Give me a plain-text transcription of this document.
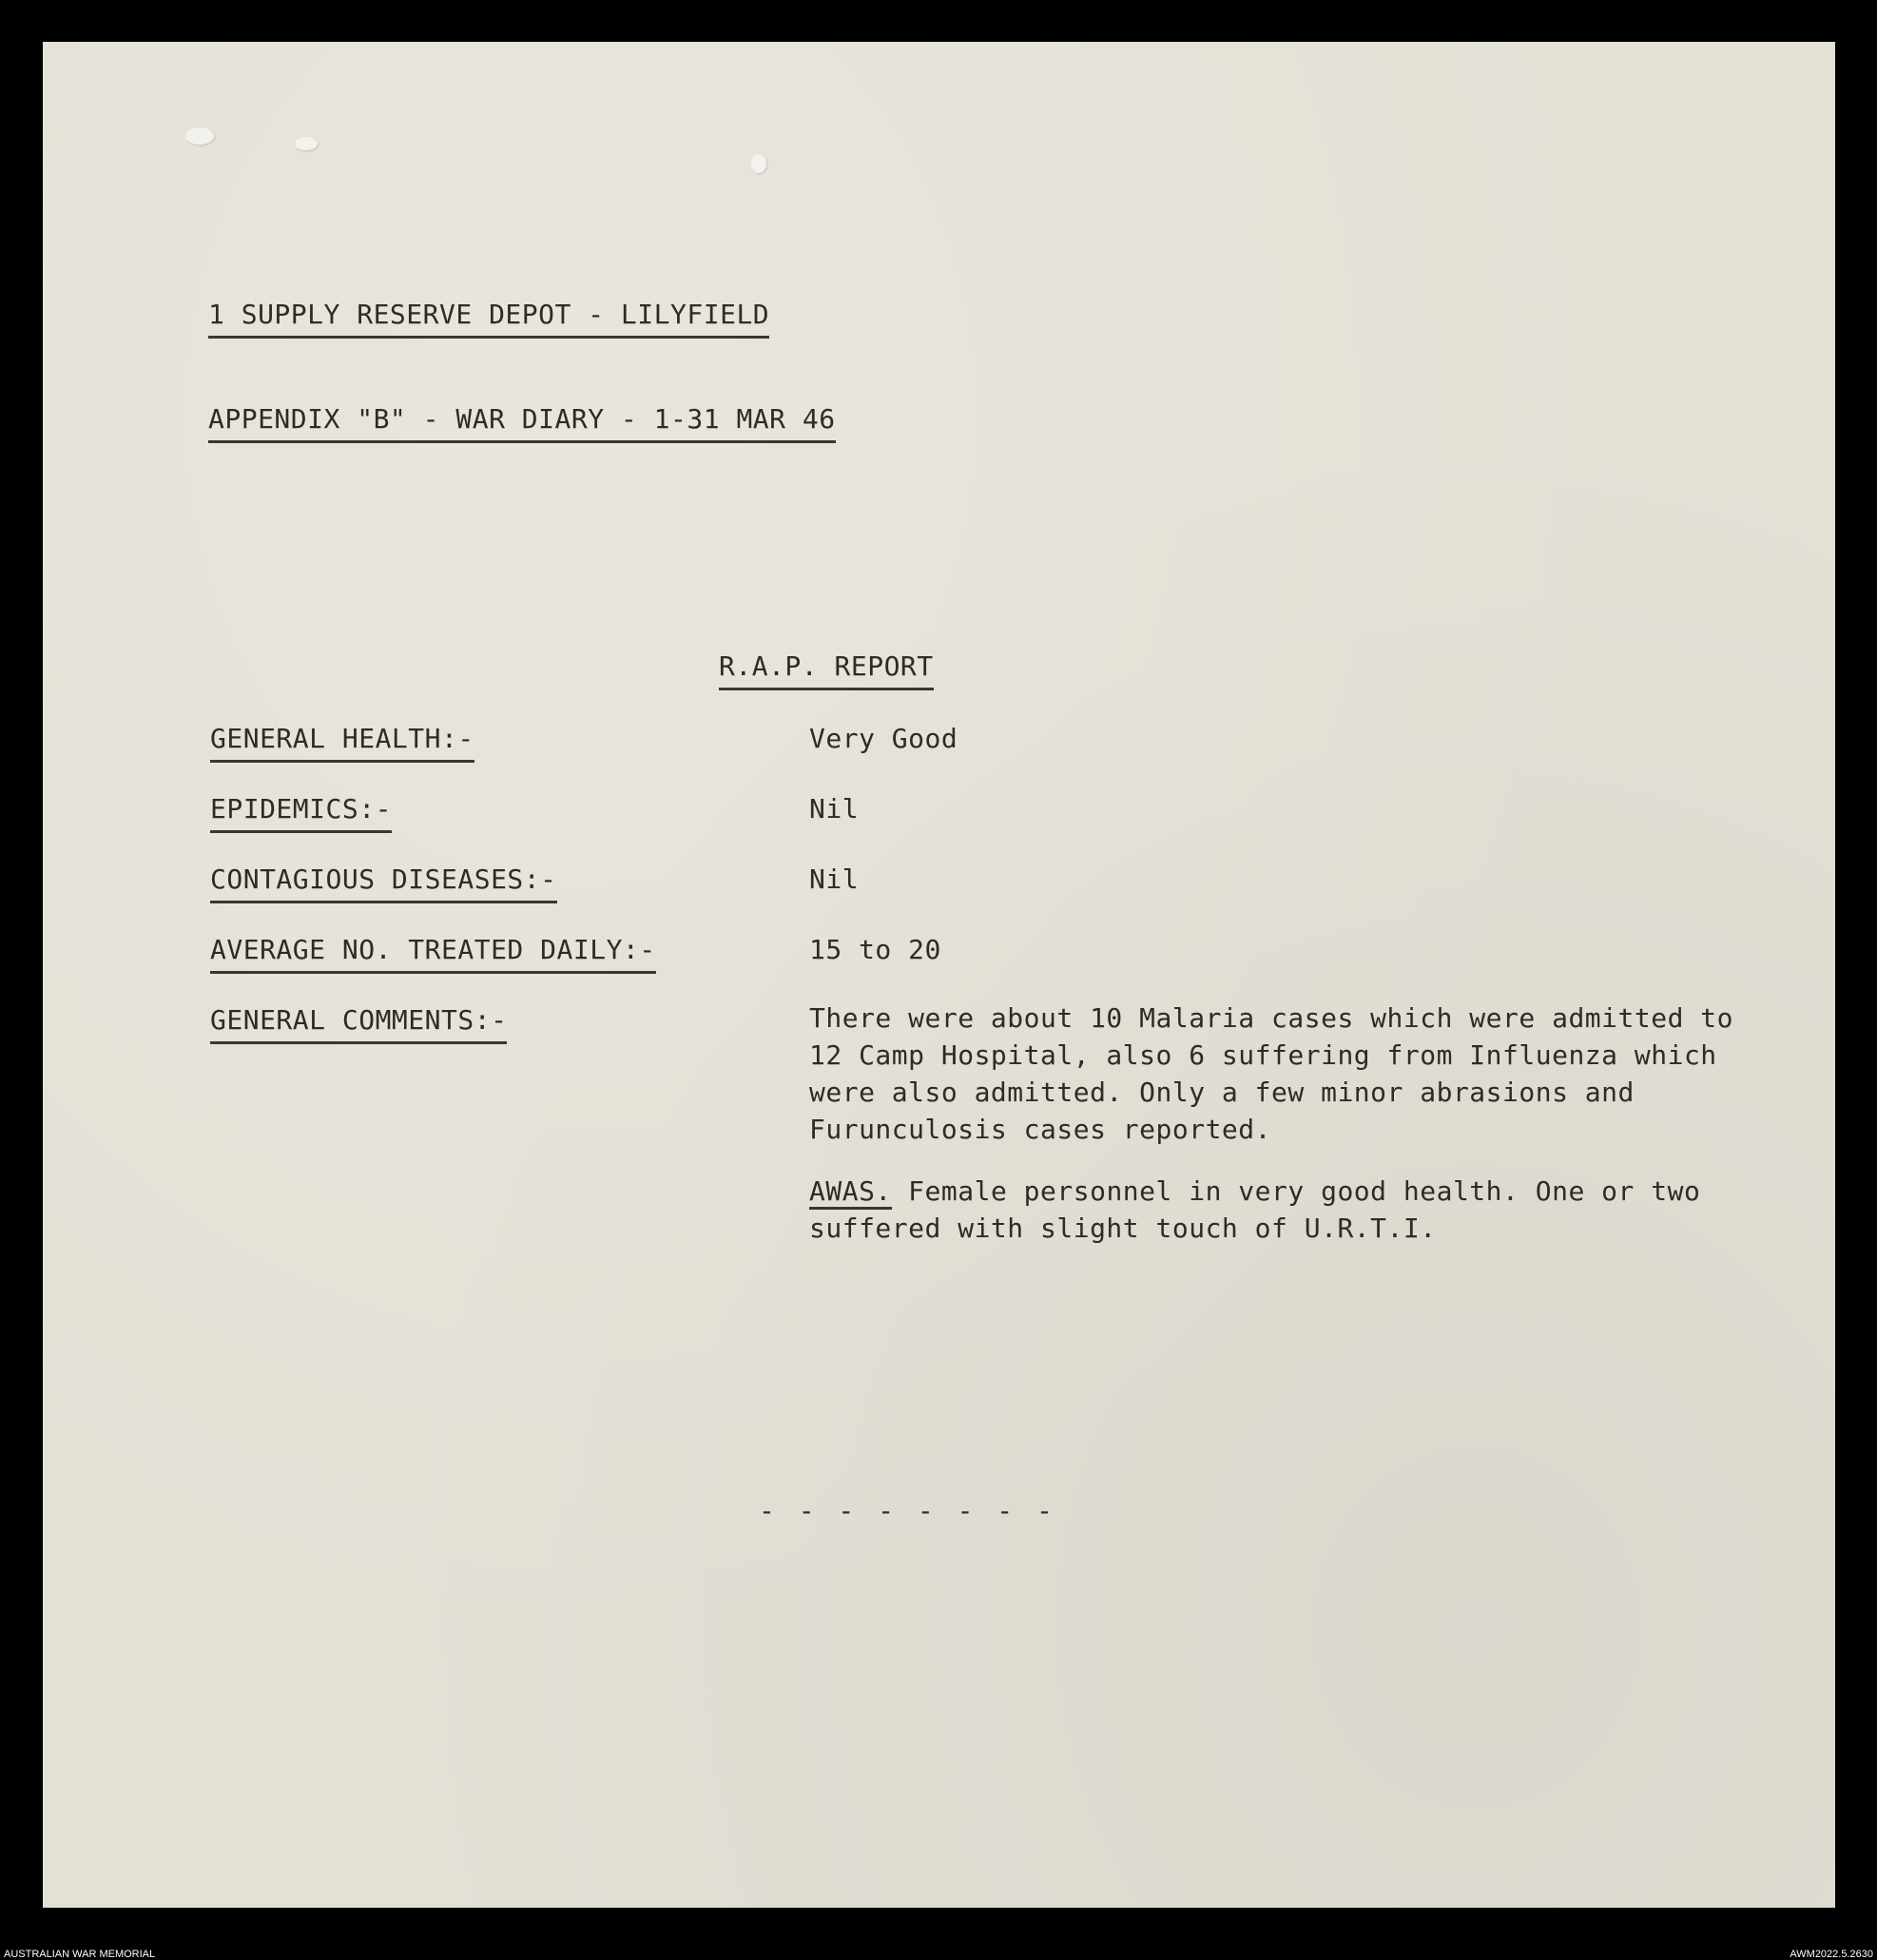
1 SUPPLY RESERVE DEPOT - LILYFIELD
APPENDIX "B" - WAR DIARY - 1-31 MAR 46
R.A.P. REPORT
GENERAL HEALTH:-	Very Good
EPIDEMICS:-	Nil
CONTAGIOUS DISEASES:-	Nil
AVERAGE NO. TREATED DAILY:-	15 to 20
GENERAL COMMENTS:-	There were about 10 Malaria cases which were admitted to 12 Camp Hospital, also 6 suffering from Influenza which were also admitted. Only a few minor abrasions and Furunculosis cases reported.

AWAS. Female personnel in very good health. One or two suffered with slight touch of U.R.T.I.

- - - - - - - -
AUSTRALIAN WAR MEMORIAL	AWM2022.5.2630
